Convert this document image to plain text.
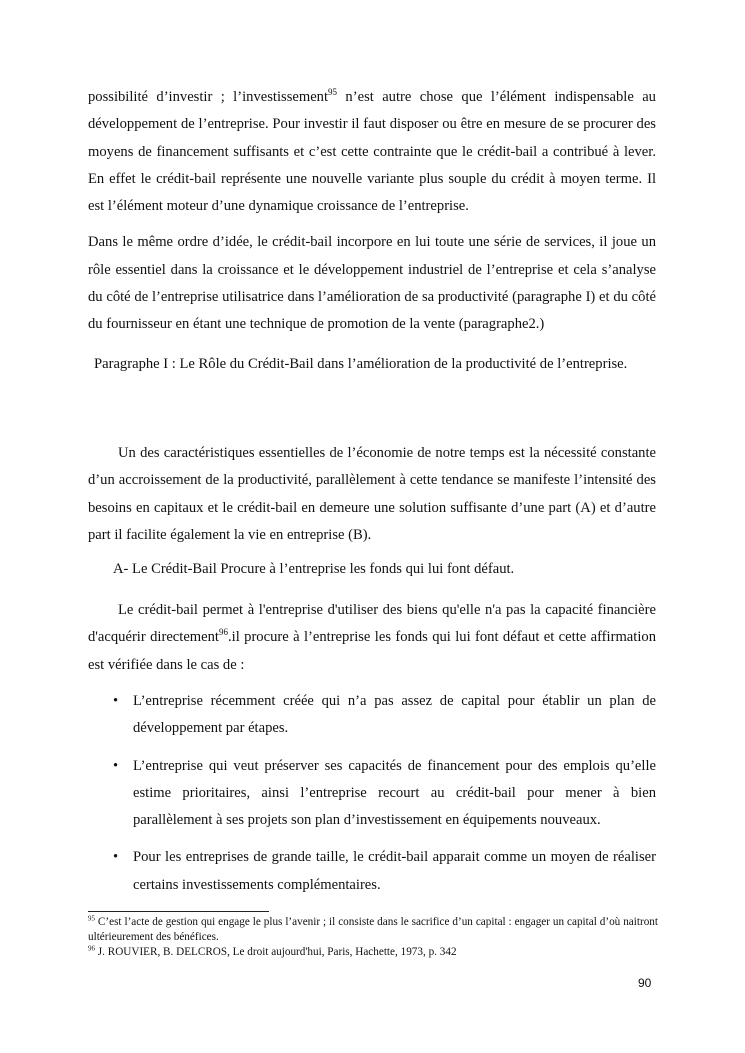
possibilité d’investir ; l’investissement$^{95}$ n’est autre chose que l’élément indispensable au développement de l’entreprise. Pour investir il faut disposer ou être en mesure de se procurer des moyens de financement suffisants et c’est cette contrainte que le crédit-bail a contribué à lever. En effet le crédit-bail représente une nouvelle variante plus souple du crédit à moyen terme. Il est l’élément moteur d’une dynamique croissance de l’entreprise.

Dans le même ordre d’idée, le crédit-bail incorpore en lui toute une série de services, il joue un rôle essentiel dans la croissance et le développement industriel de l’entreprise et cela s’analyse du côté de l’entreprise utilisatrice dans l’amélioration de sa productivité (paragraphe I) et du côté du fournisseur en étant une technique de promotion de la vente (paragraphe2.)

Paragraphe I : Le Rôle du Crédit-Bail dans l’amélioration de la productivité de l’entreprise.

Un des caractéristiques essentielles de l’économie de notre temps est la nécessité constante d’un accroissement de la productivité, parallèlement à cette tendance se manifeste l’intensité des besoins en capitaux et le crédit-bail en demeure une solution suffisante d’une part (A) et d’autre part il facilite également la vie en entreprise (B).

A- Le Crédit-Bail Procure à l’entreprise les fonds qui lui font défaut.

Le crédit-bail permet à l'entreprise d'utiliser des biens qu'elle n'a pas la capacité financière d'acquérir directement$^{96}$.il procure à l’entreprise les fonds qui lui font défaut et cette affirmation est vérifiée dans le cas de :

• L’entreprise récemment créée qui n’a pas assez de capital pour établir un plan de développement par étapes.
• L’entreprise qui veut préserver ses capacités de financement pour des emplois qu’elle estime prioritaires, ainsi l’entreprise recourt au crédit-bail pour mener à bien parallèlement à ses projets son plan d’investissement en équipements nouveaux.
• Pour les entreprises de grande taille, le crédit-bail apparait comme un moyen de réaliser certains investissements complémentaires.

$^{95}$ C’est l’acte de gestion qui engage le plus l’avenir ; il consiste dans le sacrifice d’un capital : engager un capital d’où naitront ultérieurement des bénéfices.

$^{96}$ J. ROUVIER, B. DELCROS, Le droit aujourd'hui, Paris, Hachette, 1973, p. 342

90
